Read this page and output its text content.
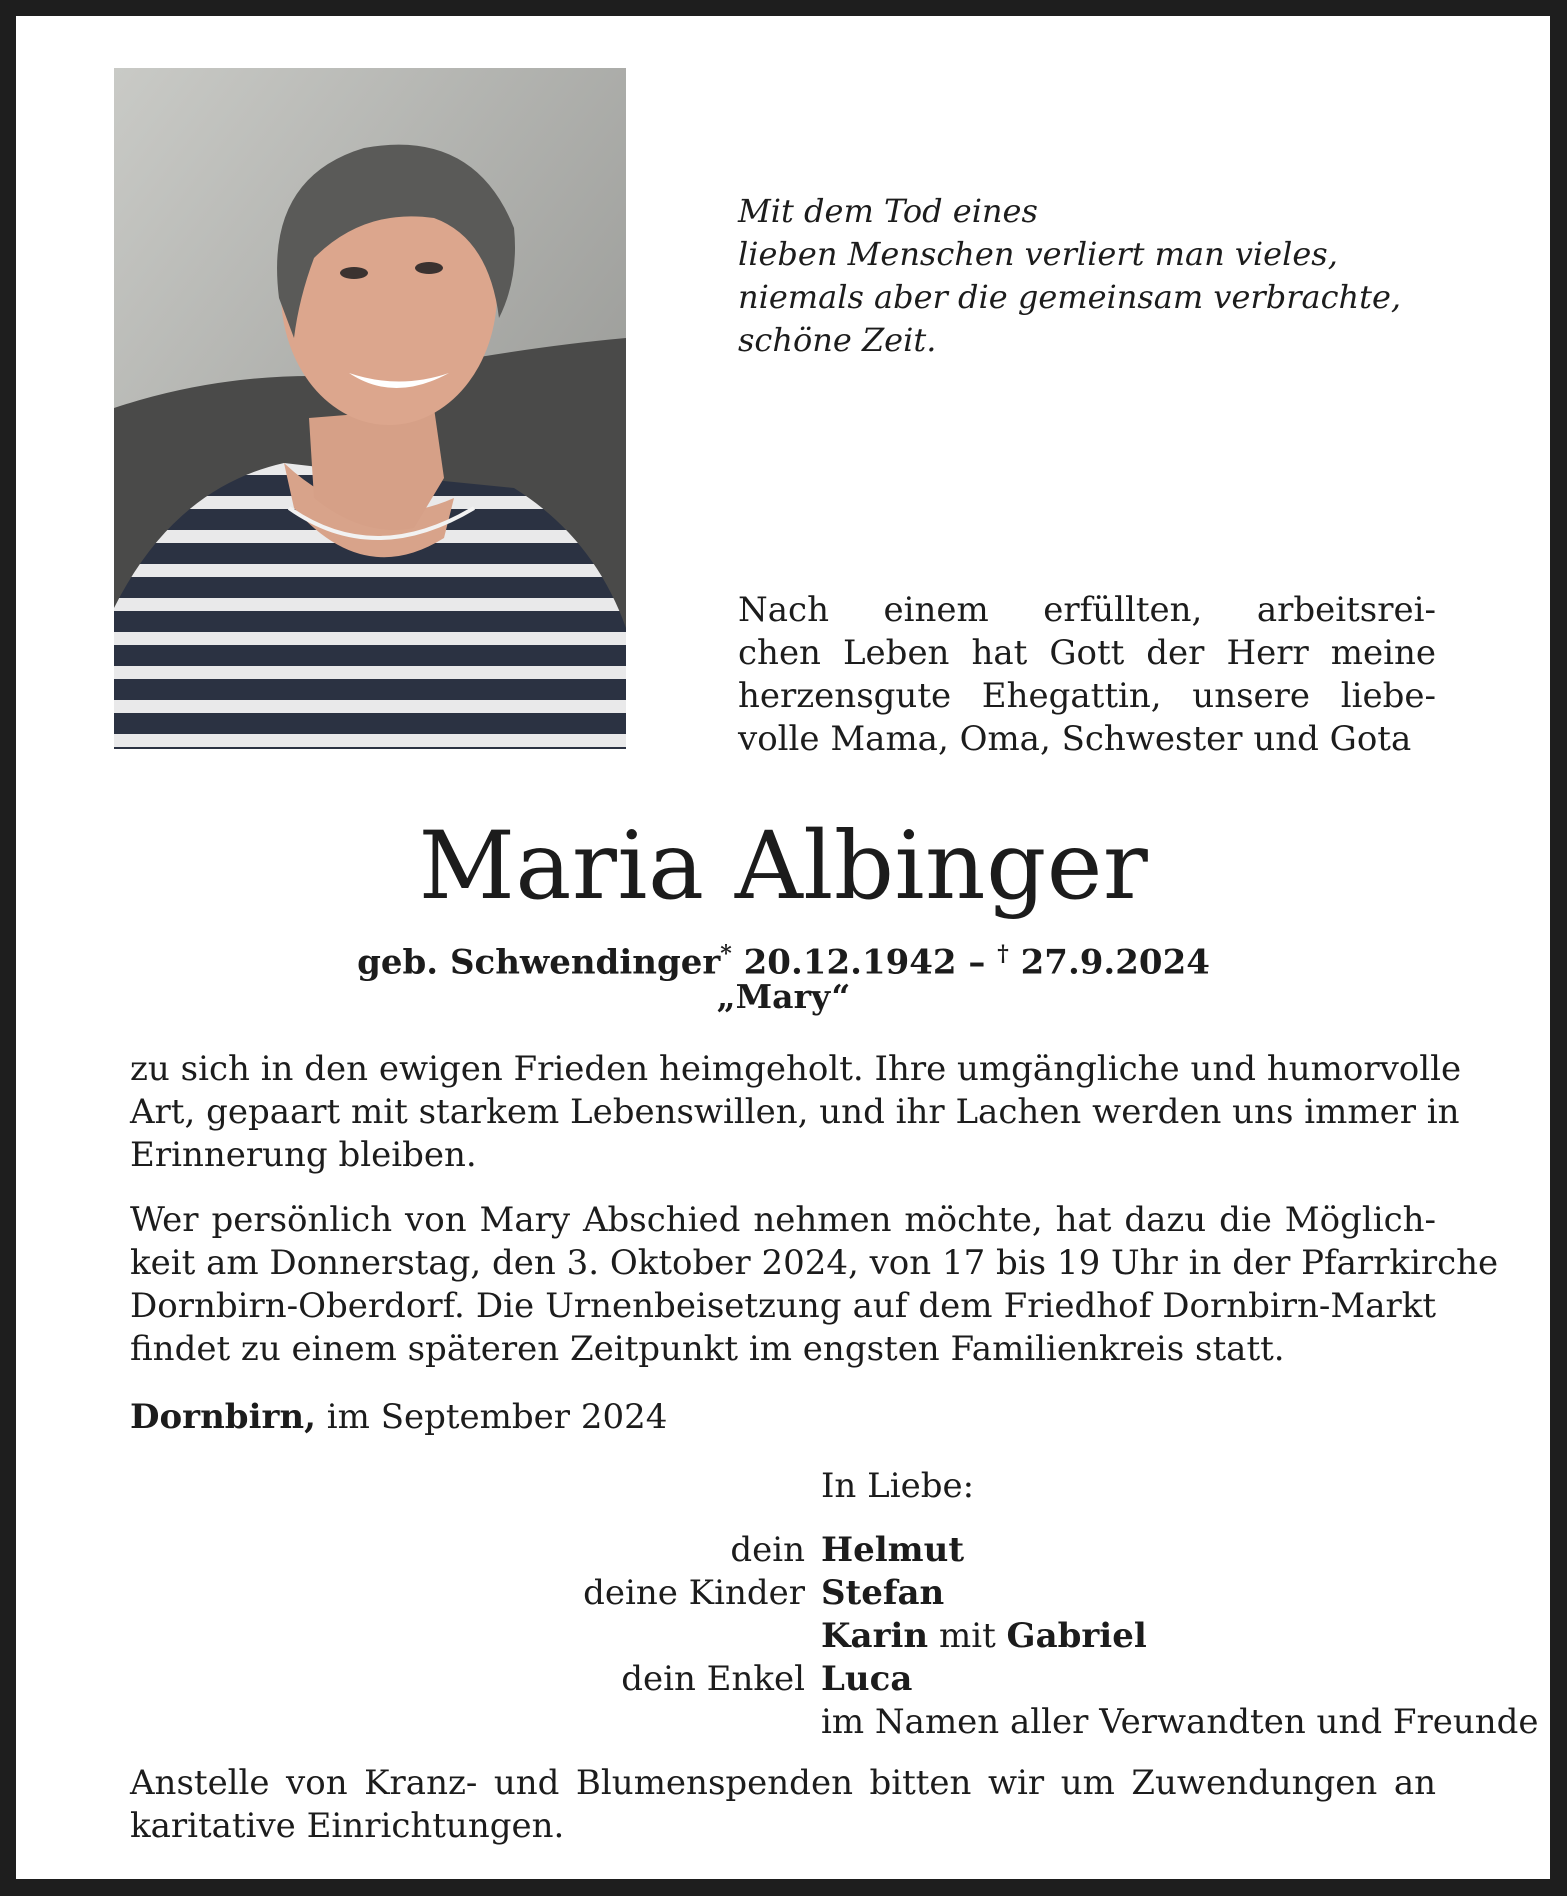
Mit dem Tod eines
lieben Menschen verliert man vieles,
niemals aber die gemeinsam verbrachte,
schöne Zeit.
Nach einem erfüllten, arbeitsrei-
chen Leben hat Gott der Herr meine
herzensgute Ehegattin, unsere liebe-
volle Mama, Oma, Schwester und Gota
Maria Albinger
geb. Schwendinger* 20.12.1942 – † 27.9.2024
„Mary“
zu sich in den ewigen Frieden heimgeholt. Ihre umgängliche und humorvolle
Art, gepaart mit starkem Lebenswillen, und ihr Lachen werden uns immer in
Erinnerung bleiben.
Wer persönlich von Mary Abschied nehmen möchte, hat dazu die Möglich-
keit am Donnerstag, den 3. Oktober 2024, von 17 bis 19 Uhr in der Pfarrkirche
Dornbirn-Oberdorf. Die Urnenbeisetzung auf dem Friedhof Dornbirn-Markt
findet zu einem späteren Zeitpunkt im engsten Familienkreis statt.
Dornbirn, im September 2024
In Liebe:
dein Helmut
deine Kinder Stefan
Karin mit Gabriel
dein Enkel Luca
im Namen aller Verwandten und Freunde
Anstelle von Kranz- und Blumenspenden bitten wir um Zuwendungen an
karitative Einrichtungen.
